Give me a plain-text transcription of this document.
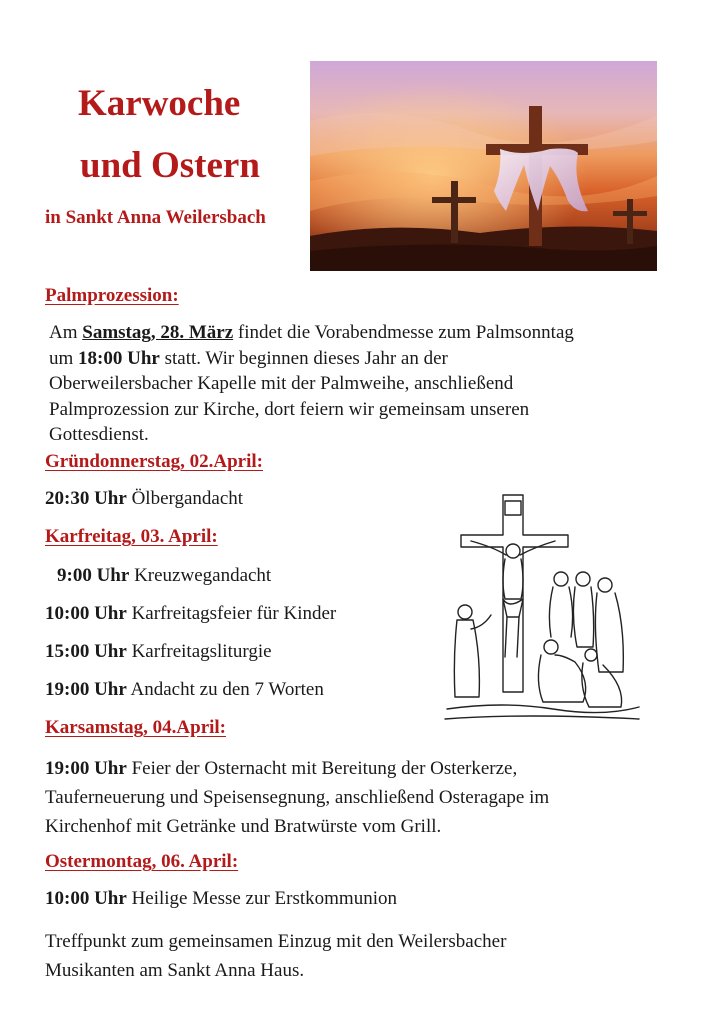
Karwoche
und Ostern
in Sankt Anna Weilersbach
Palmprozession:

Am Samstag, 28. März findet die Vorabendmesse zum Palmsonntag
um 18:00 Uhr statt. Wir beginnen dieses Jahr an der
Oberweilersbacher Kapelle mit der Palmweihe, anschließend
Palmprozession zur Kirche, dort feiern wir gemeinsam unseren
Gottesdienst.

Gründonnerstag, 02.April:
20:30 Uhr Ölbergandacht
Karfreitag, 03. April:
9:00 Uhr Kreuzwegandacht
10:00 Uhr Karfreitagsfeier für Kinder
15:00 Uhr Karfreitagsliturgie
19:00 Uhr Andacht zu den 7 Worten
Karsamstag, 04.April:

19:00 Uhr Feier der Osternacht mit Bereitung der Osterkerze,
Tauferneuerung und Speisensegnung, anschließend Osteragape im
Kirchenhof mit Getränke und Bratwürste vom Grill.

Ostermontag, 06. April:
10:00 Uhr Heilige Messe zur Erstkommunion

Treffpunkt zum gemeinsamen Einzug mit den Weilersbacher
Musikanten am Sankt Anna Haus.
